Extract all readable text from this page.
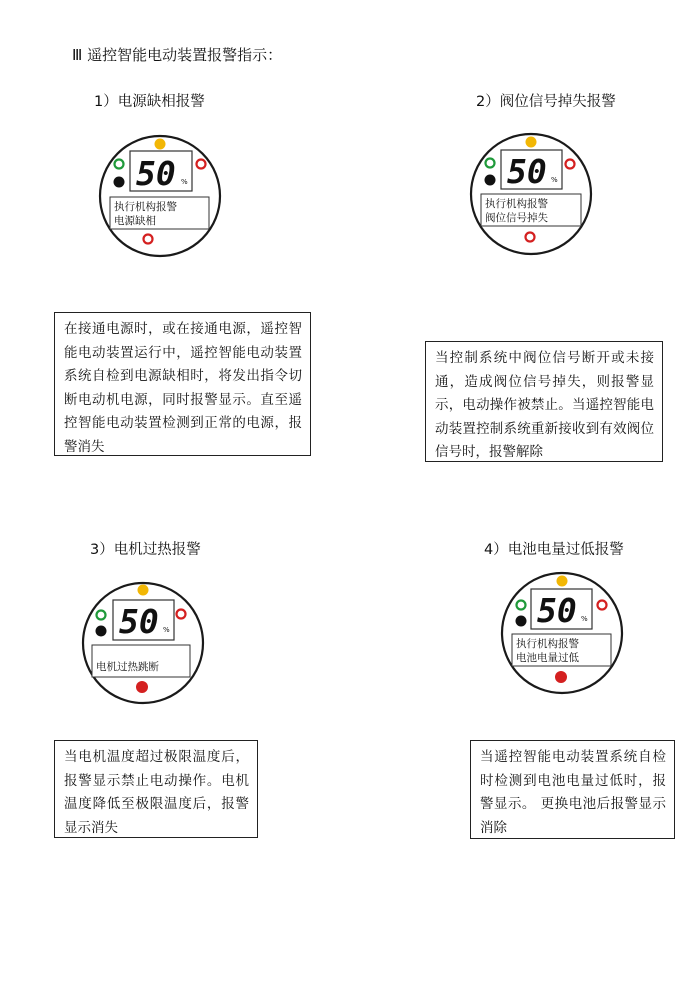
Ⅲ 遥控智能电动装置报警指示：
1）电源缺相报警
50 %
执行机构报警
电源缺相
在接通电源时，或在接通电源，遥控智能电动装置运行中，遥控智能电动装置系统自检到电源缺相时，将发出指令切断电动机电源，同时报警显示。直至遥控智能电动装置检测到正常的电源，报警消失
2）阀位信号掉失报警
50 %
执行机构报警
阀位信号掉失
当控制系统中阀位信号断开或未接通，造成阀位信号掉失，则报警显示，电动操作被禁止。当遥控智能电动装置控制系统重新接收到有效阀位信号时，报警解除
3）电机过热报警
50 %
电机过热跳断
当电机温度超过极限温度后，报警显示禁止电动操作。电机温度降低至极限温度后，报警显示消失
4）电池电量过低报警
50 %
执行机构报警
电池电量过低
当遥控智能电动装置系统自检时检测到电池电量过低时，报警显示。 更换电池后报警显示消除
